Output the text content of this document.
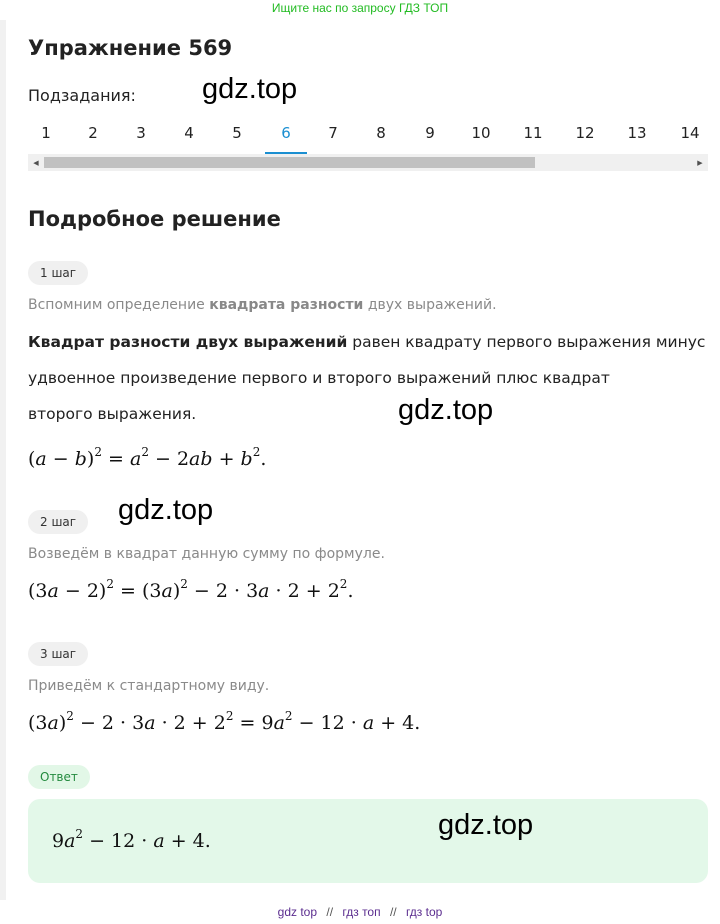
Ищите нас по запросу ГДЗ ТОП
Упражнение 569
Подзадания: gdz.top
1	2	3	4	5	6	7	8	9	10	11	12	13	14
◀	▶
Подробное решение
1 шаг
Вспомним определение квадрата разности двух выражений.
Квадрат разности двух выражений равен квадрату первого выражения минус
удвоенное произведение первого и второго выражений плюс квадрат
второго выражения.	gdz.top
$(a - b)^2 = a^2 - 2ab + b^2$.
gdz.top
2 шаг
Возведём в квадрат данную сумму по формуле.
$(3a - 2)^2 = (3a)^2 - 2 \cdot 3a \cdot 2 + 2^2$.
3 шаг
Приведём к стандартному виду.
$(3a)^2 - 2 \cdot 3a \cdot 2 + 2^2 = 9a^2 - 12 \cdot a + 4$.
Ответ
$9a^2 - 12 \cdot a + 4$.	gdz.top
gdz top // гдз топ // гдз top
